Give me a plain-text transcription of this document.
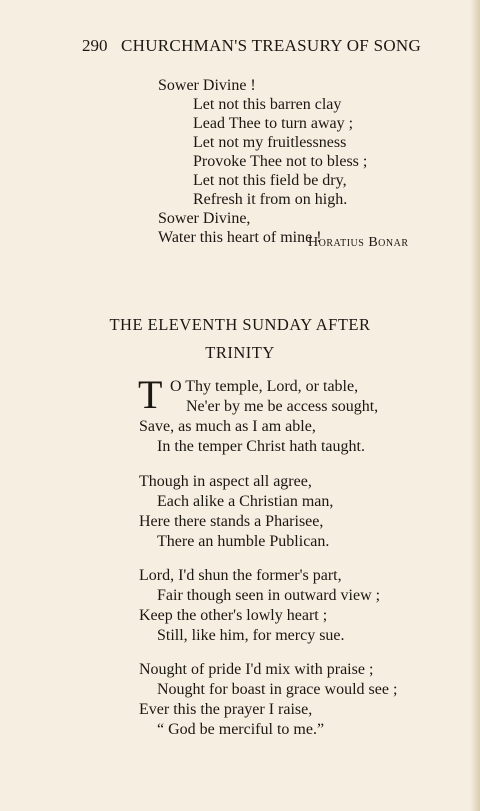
290 CHURCHMAN'S TREASURY OF SONG
Sower Divine !
Let not this barren clay
Lead Thee to turn away ;
Let not my fruitlessness
Provoke Thee not to bless ;
Let not this field be dry,
Refresh it from on high.
Sower Divine,
Water this heart of mine !
Horatius Bonar
THE ELEVENTH SUNDAY AFTER
TRINITY
T O Thy temple, Lord, or table,
Ne'er by me be access sought,
Save, as much as I am able,
In the temper Christ hath taught.
Though in aspect all agree,
Each alike a Christian man,
Here there stands a Pharisee,
There an humble Publican.
Lord, I'd shun the former's part,
Fair though seen in outward view ;
Keep the other's lowly heart ;
Still, like him, for mercy sue.
Nought of pride I'd mix with praise ;
Nought for boast in grace would see ;
Ever this the prayer I raise,
“ God be merciful to me.”
